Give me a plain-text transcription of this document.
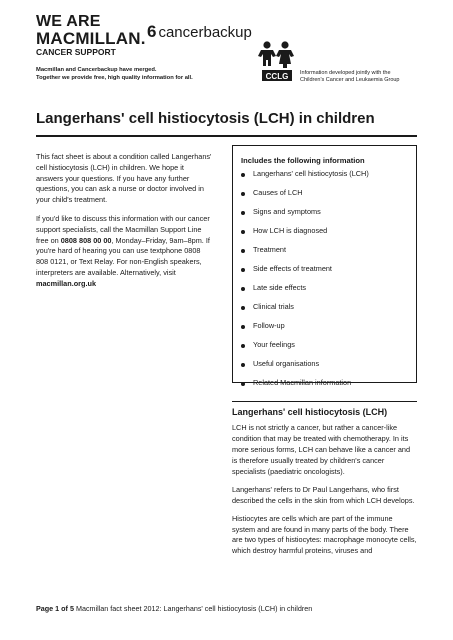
WE ARE
MACMILLAN.
CANCER SUPPORT
6 cancerbackup
CCLG Information developed jointly with the
Children's Cancer and Leukaemia Group
Macmillan and Cancerbackup have merged.
Together we provide free, high quality information for all.
Langerhans' cell histiocytosis (LCH) in children

This fact sheet is about a condition called Langerhans' cell histiocytosis (LCH) in children. We hope it answers your questions. If you have any further questions, you can ask a nurse or doctor involved in your child's treatment.

If you'd like to discuss this information with our cancer support specialists, call the Macmillan Support Line free on 0808 808 00 00, Monday–Friday, 9am–8pm. If you're hard of hearing you can use textphone 0808 808 0121, or Text Relay. For non-English speakers, interpreters are available. Alternatively, visit macmillan.org.uk

Includes the following information
Langerhans' cell histiocytosis (LCH)
Causes of LCH
Signs and symptoms
How LCH is diagnosed
Treatment
Side effects of treatment
Late side effects
Clinical trials
Follow-up
Your feelings
Useful organisations
Related Macmillan information
Langerhans' cell histiocytosis (LCH)

LCH is not strictly a cancer, but rather a cancer-like condition that may be treated with chemotherapy. In its more serious forms, LCH can behave like a cancer and is therefore usually treated by children's cancer specialists (paediatric oncologists).

Langerhans' refers to Dr Paul Langerhans, who first described the cells in the skin from which LCH develops.

Histiocytes are cells which are part of the immune system and are found in many parts of the body. There are two types of histiocytes: macrophage monocyte cells, which destroy harmful proteins, viruses and

Page 1 of 5 Macmillan fact sheet 2012: Langerhans' cell histiocytosis (LCH) in children
